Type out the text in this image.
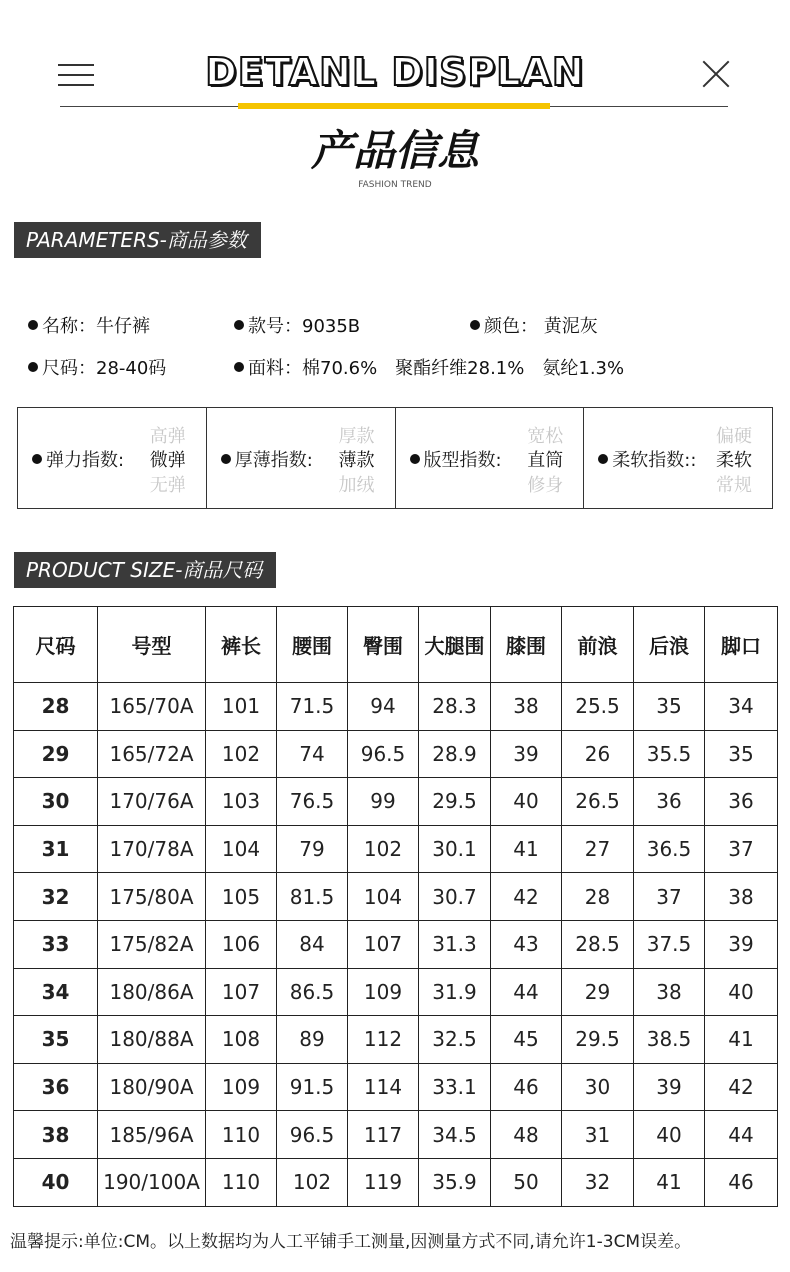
DETANL DISPLAN
产品信息
FASHION TREND
PARAMETERS-商品参数
名称：牛仔裤	款号：9035B	颜色： 黄泥灰
尺码：28-40码	面料：棉70.6%　聚酯纤维28.1%　氨纶1.3%
弹力指数:
高弹
微弹
无弹
厚薄指数:
厚款
薄款
加绒
版型指数:
宽松
直筒
修身
柔软指数::
偏硬
柔软
常规
PRODUCT SIZE-商品尺码
尺码	号型	裤长	腰围	臀围	大腿围	膝围	前浪	后浪	脚口
28	165/70A	101	71.5	94	28.3	38	25.5	35	34
29	165/72A	102	74	96.5	28.9	39	26	35.5	35
30	170/76A	103	76.5	99	29.5	40	26.5	36	36
31	170/78A	104	79	102	30.1	41	27	36.5	37
32	175/80A	105	81.5	104	30.7	42	28	37	38
33	175/82A	106	84	107	31.3	43	28.5	37.5	39
34	180/86A	107	86.5	109	31.9	44	29	38	40
35	180/88A	108	89	112	32.5	45	29.5	38.5	41
36	180/90A	109	91.5	114	33.1	46	30	39	42
38	185/96A	110	96.5	117	34.5	48	31	40	44
40	190/100A	110	102	119	35.9	50	32	41	46
温馨提示:单位:CM。以上数据均为人工平铺手工测量,因测量方式不同,请允许1-3CM误差。
